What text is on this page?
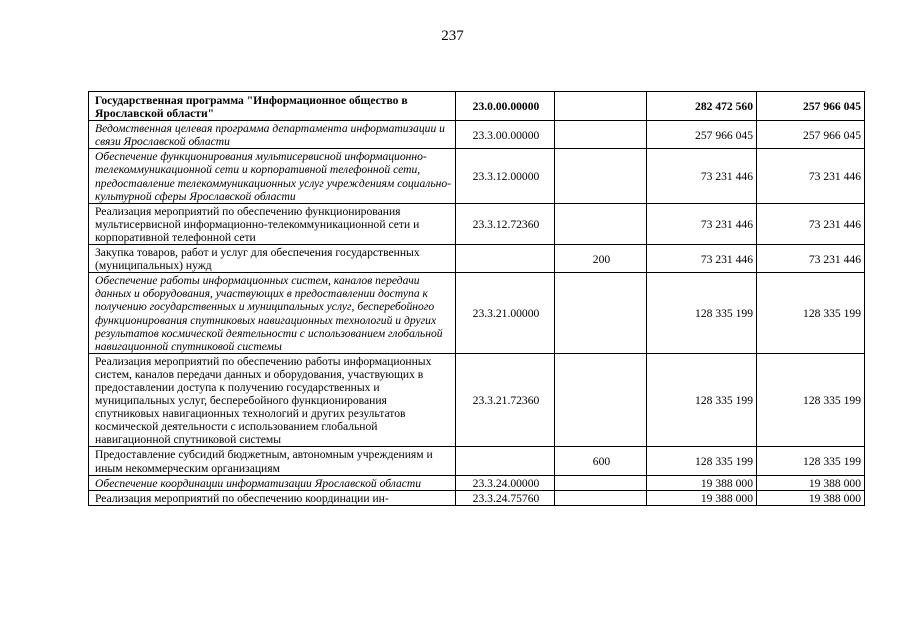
237
Государственная программа "Информационное общество в Ярославской области"	23.0.00.00000		282 472 560	257 966 045
Ведомственная целевая программа департамента информатизации и связи Ярославской области	23.3.00.00000		257 966 045	257 966 045
Обеспечение функционирования мультисервисной информационно-телекоммуникационной сети и корпоративной телефонной сети, предоставление телекоммуникационных услуг учреждениям социально-культурной сферы Ярославской области	23.3.12.00000		73 231 446	73 231 446
Реализация мероприятий по обеспечению функционирования мультисервисной информационно-телекоммуникационной сети и корпоративной телефонной сети	23.3.12.72360		73 231 446	73 231 446
Закупка товаров, работ и услуг для обеспечения государственных (муниципальных) нужд		200	73 231 446	73 231 446
Обеспечение работы информационных систем, каналов передачи данных и оборудования, участвующих в предоставлении доступа к получению государственных и муниципальных услуг, бесперебойного функционирования спутниковых навигационных технологий и других результатов космической деятельности с использованием глобальной навигационной спутниковой системы	23.3.21.00000		128 335 199	128 335 199
Реализация мероприятий по обеспечению работы информационных систем, каналов передачи данных и оборудования, участвующих в предоставлении доступа к получению государственных и муниципальных услуг, бесперебойного функционирования спутниковых навигационных технологий и других результатов космической деятельности с использованием глобальной навигационной спутниковой системы	23.3.21.72360		128 335 199	128 335 199
Предоставление субсидий бюджетным, автономным учреждениям и иным некоммерческим организациям		600	128 335 199	128 335 199
Обеспечение координации информатизации Ярославской области	23.3.24.00000		19 388 000	19 388 000
Реализация мероприятий по обеспечению координации ин-	23.3.24.75760		19 388 000	19 388 000
